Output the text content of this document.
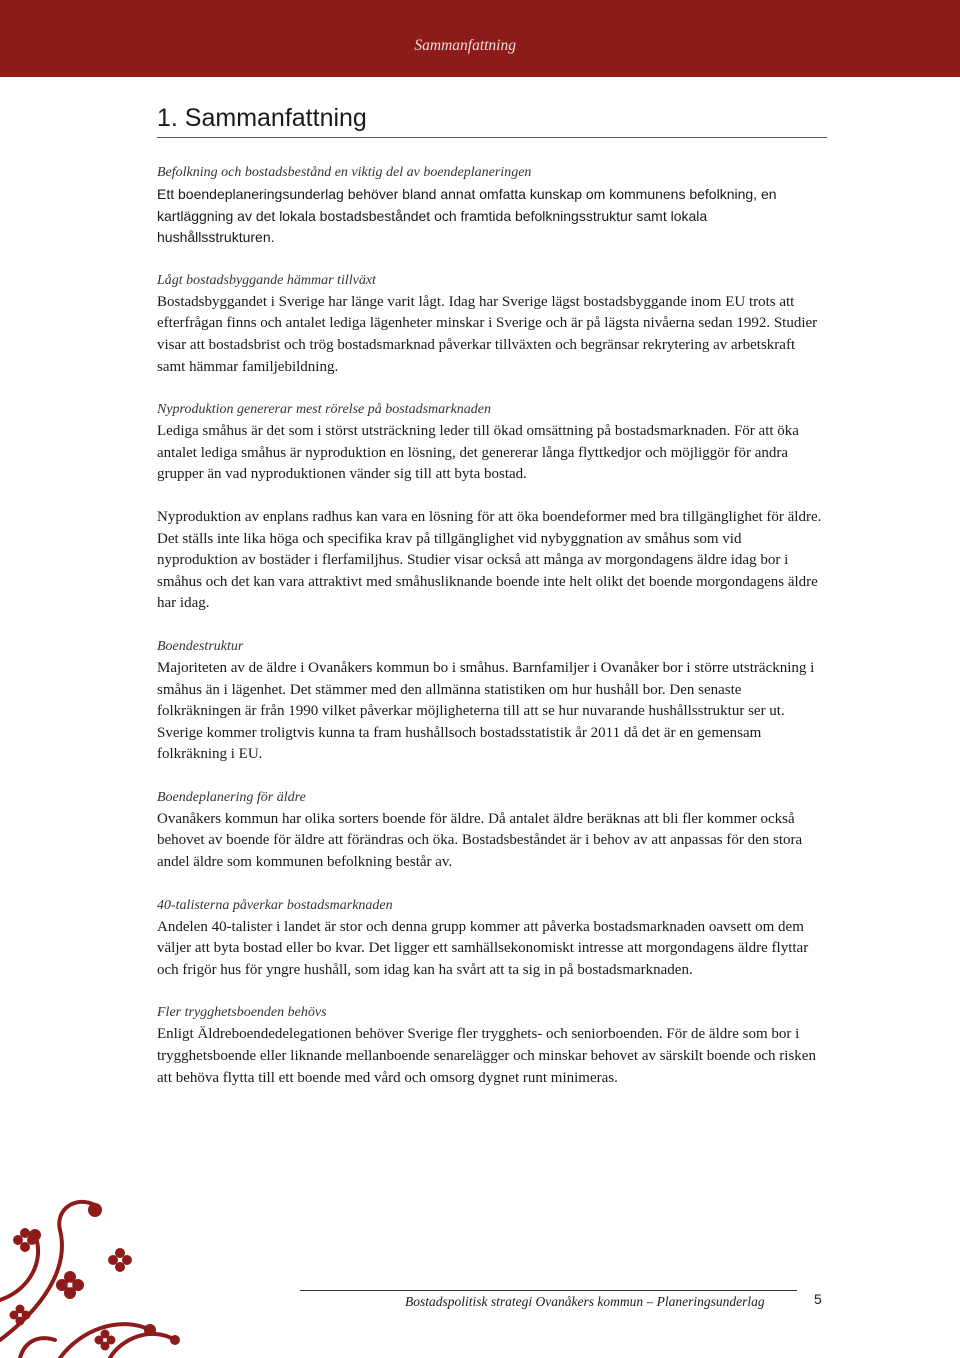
Sammanfattning
1. Sammanfattning

Befolkning och bostadsbestånd en viktig del av boendeplaneringen

Ett boendeplaneringsunderlag behöver bland annat omfatta kunskap om kommunens befolkning, en kartläggning av det lokala bostadsbeståndet och framtida befolkningsstruktur samt lokala hushållsstrukturen.

Lågt bostadsbyggande hämmar tillväxt

Bostadsbyggandet i Sverige har länge varit lågt. Idag har Sverige lägst bostadsbyggande inom EU trots att efterfrågan finns och antalet lediga lägenheter minskar i Sverige och är på lägsta nivåerna sedan 1992. Studier visar att bostadsbrist och trög bostadsmarknad påverkar tillväxten och begränsar rekrytering av arbetskraft samt hämmar familjebildning.

Nyproduktion genererar mest rörelse på bostadsmarknaden

Lediga småhus är det som i störst utsträckning leder till ökad omsättning på bostadsmarknaden. För att öka antalet lediga småhus är nyproduktion en lösning, det genererar långa flyttkedjor och möjliggör för andra grupper än vad nyproduktionen vänder sig till att byta bostad.

Nyproduktion av enplans radhus kan vara en lösning för att öka boendeformer med bra tillgänglighet för äldre. Det ställs inte lika höga och specifika krav på tillgänglighet vid nybyggnation av småhus som vid nyproduktion av bostäder i flerfamiljhus. Studier visar också att många av morgondagens äldre idag bor i småhus och det kan vara attraktivt med småhusliknande boende inte helt olikt det boende morgondagens äldre har idag.

Boendestruktur

Majoriteten av de äldre i Ovanåkers kommun bo i småhus. Barnfamiljer i Ovanåker bor i större utsträckning i småhus än i lägenhet. Det stämmer med den allmänna statistiken om hur hushåll bor. Den senaste folkräkningen är från 1990 vilket påverkar möjligheterna till att se hur nuvarande hushållsstruktur ser ut. Sverige kommer troligtvis kunna ta fram hushållsoch bostadsstatistik år 2011 då det är en gemensam folkräkning i EU.

Boendeplanering för äldre

Ovanåkers kommun har olika sorters boende för äldre. Då antalet äldre beräknas att bli fler kommer också behovet av boende för äldre att förändras och öka. Bostadsbeståndet är i behov av att anpassas för den stora andel äldre som kommunen befolkning består av.

40-talisterna påverkar bostadsmarknaden

Andelen 40-talister i landet är stor och denna grupp kommer att påverka bostadsmarknaden oavsett om dem väljer att byta bostad eller bo kvar. Det ligger ett samhällsekonomiskt intresse att morgondagens äldre flyttar och frigör hus för yngre hushåll, som idag kan ha svårt att ta sig in på bostadsmarknaden.

Fler trygghetsboenden behövs

Enligt Äldreboendedelegationen behöver Sverige fler trygghets- och seniorboenden. För de äldre som bor i trygghetsboende eller liknande mellanboende senarelägger och minskar behovet av särskilt boende och risken att behöva flytta till ett boende med vård och omsorg dygnet runt minimeras.

Bostadspolitisk strategi Ovanåkers kommun – Planeringsunderlag	5
